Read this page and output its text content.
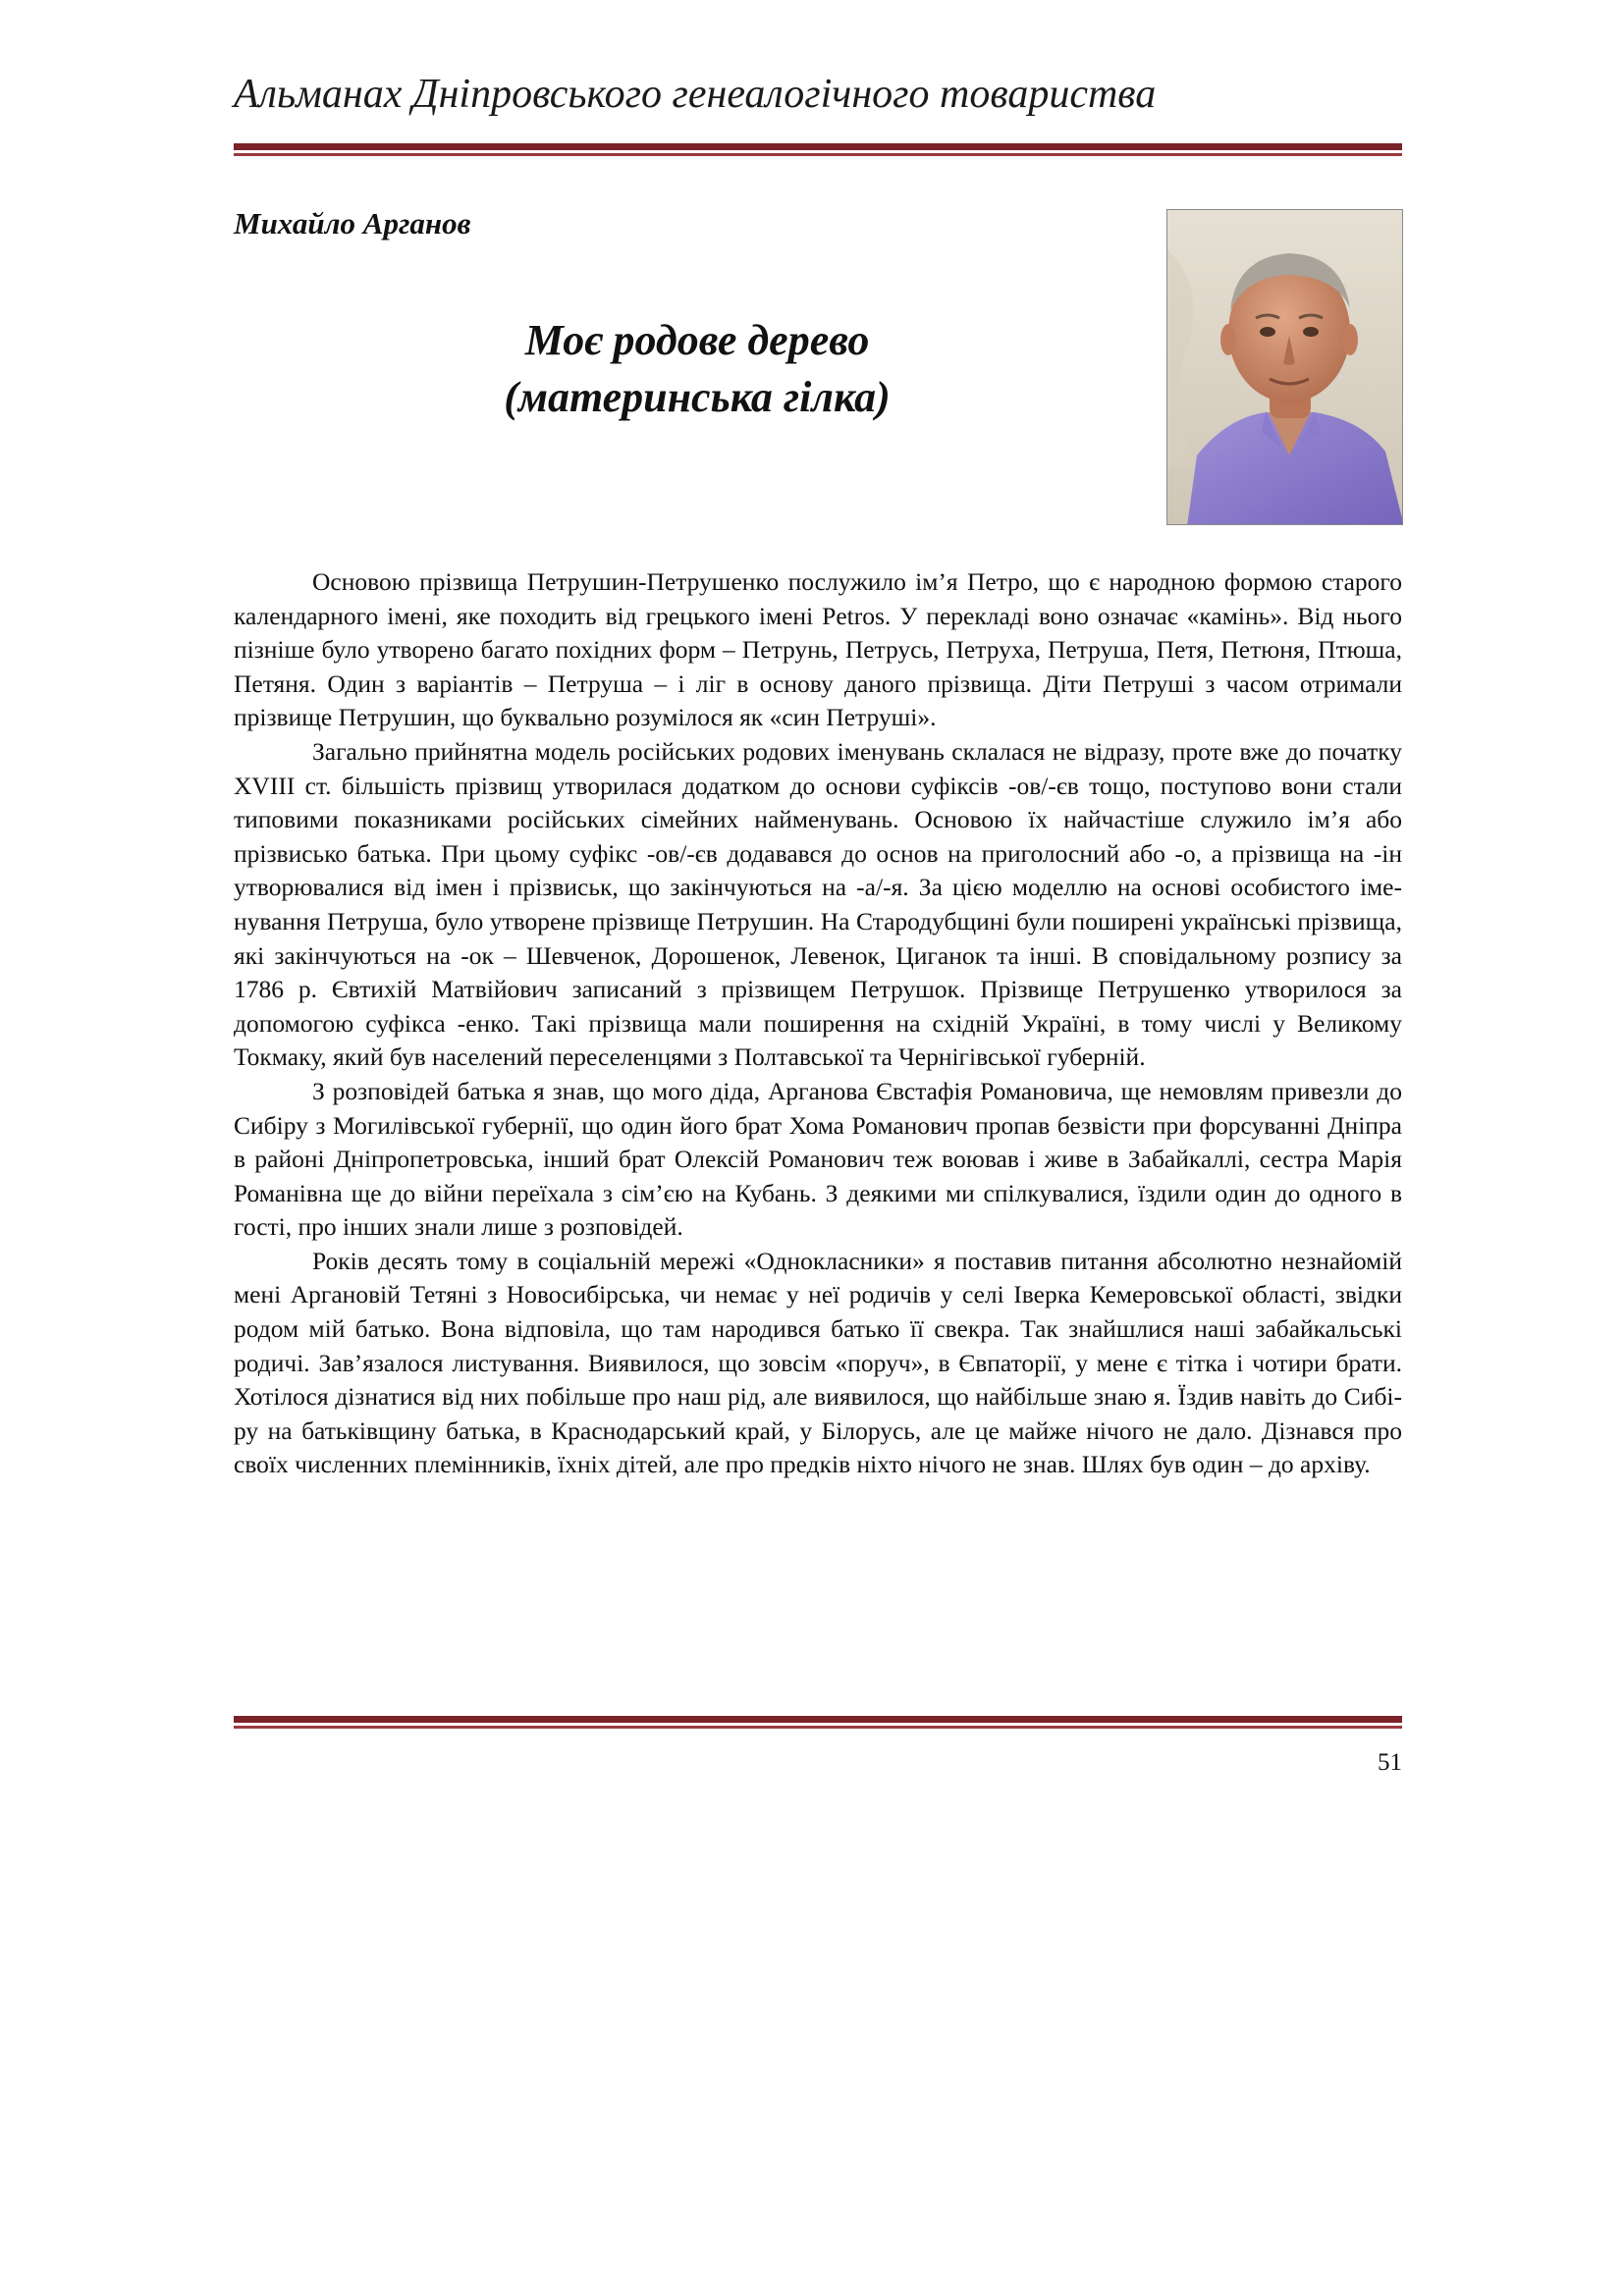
Альманах Дніпровського генеалогічного товариства
Михайло Арганов
Моє родове дерево
(материнська гілка)

Основою прізвища Петрушин-Петрушенко послужило ім’я Петро, що є народною формою старого календарного імені, яке походить від грецького імені Petros. У перекладі воно означає «камінь». Від нього пізніше було утворено багато похідних форм – Петрунь, Петрусь, Петруха, Петруша, Петя, Петюня, Птюша, Петяня. Один з варіантів – Петруша – і ліг в основу даного прізвища. Діти Петруші з часом отримали прізвище Петрушин, що буквально розумілося як «син Петруші».

Загально прийнятна модель російських родових іменувань склалася не відразу, проте вже до початку XVIII ст. більшість прізвищ утворилася додатком до основи суфіксів -ов/-єв тощо, поступово вони стали типовими показниками російських сімейних найменувань. Основою їх найчастіше служило ім’я або прізвисько батька. При цьому суфікс -ов/-єв додавався до основ на приголосний або -о, а прізвища на -ін утворювалися від імен і прізвиськ, що закінчуються на -а/-я. За цією моделлю на основі особистого іменування Петруша, було утворене прізвище Петрушин. На Стародубщині були поширені українські прізвища, які закінчуються на -ок – Шевченок, Дорошенок, Левенок, Циганок та інші. В сповідальному розпису за 1786 р. Євтихій Матвійович записаний з прізвищем Петрушок. Прізвище Петрушенко утворилося за допомогою суфікса -енко. Такі прізвища мали поширення на східній Україні, в тому числі у Великому Токмаку, який був населений переселенцями з Полтавської та Чернігівської губерній.

З розповідей батька я знав, що мого діда, Арганова Євстафія Романовича, ще немовлям привезли до Сибіру з Могилівської губернії, що один його брат Хома Романович пропав безвісти при форсуванні Дніпра в районі Дніпропетровська, інший брат Олексій Романович теж воював і живе в Забайкаллі, сестра Марія Романівна ще до війни переїхала з сім’єю на Кубань. З деякими ми спілкувалися, їздили один до одного в гості, про інших знали лише з розповідей.

Років десять тому в соціальній мережі «Однокласники» я поставив питання абсолютно незнайомій мені Аргановій Тетяні з Новосибірська, чи немає у неї родичів у селі Іверка Кемеровської області, звідки родом мій батько. Вона відповіла, що там народився батько її свекра. Так знайшлися наші забайкальські родичі. Зав’язалося листування. Виявилося, що зовсім «поруч», в Євпаторії, у мене є тітка і чотири брати. Хотілося дізнатися від них побільше про наш рід, але виявилося, що найбільше знаю я. Їздив навіть до Сибіру на батьківщину батька, в Краснодарський край, у Білорусь, але це майже нічого не дало. Дізнався про своїх численних племінників, їхніх дітей, але про предків ніхто нічого не знав. Шлях був один – до архіву.

51
